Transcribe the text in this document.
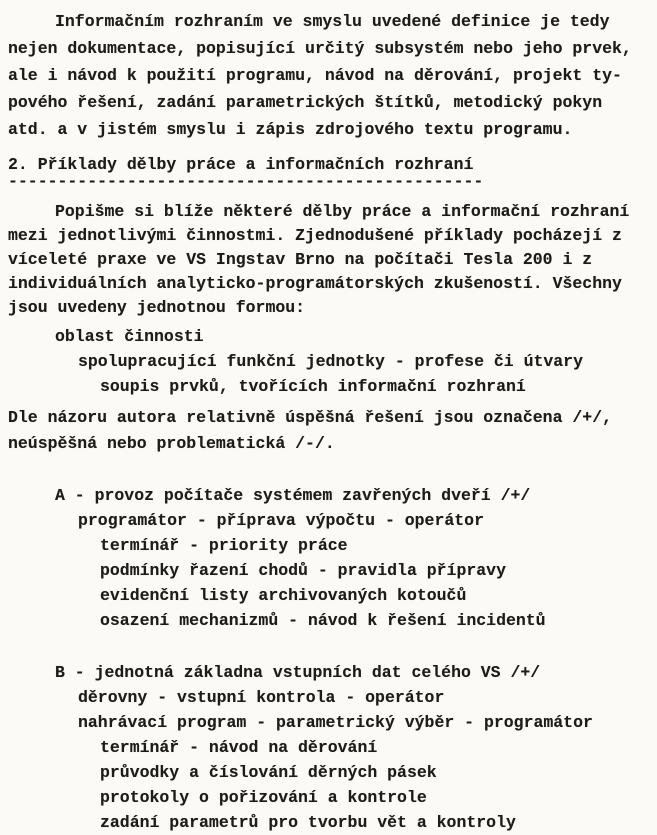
Informačním rozhraním ve smyslu uvedené definice je tedy
nejen dokumentace, popisující určitý subsystém nebo jeho prvek,
ale i návod k použití programu, návod na děrování, projekt ty-
pového řešení, zadání parametrických štítků, metodický pokyn
atd. a v jistém smyslu i zápis zdrojového textu programu.
2. Příklady dělby práce a informačních rozhraní
------------------------------------------------
Popišme si blíže některé dělby práce a informační rozhraní
mezi jednotlivými činnostmi. Zjednodušené příklady pocházejí z
víceleté praxe ve VS Ingstav Brno na počítači Tesla 200 i z
individuálních analyticko-programátorských zkušeností. Všechny
jsou uvedeny jednotnou formou:
oblast činnosti
spolupracující funkční jednotky - profese či útvary
soupis prvků, tvořících informační rozhraní
Dle názoru autora relativně úspěšná řešení jsou označena /+/,
neúspěšná nebo problematická /-/.
A - provoz počítače systémem zavřených dveří /+/
programátor - příprava výpočtu - operátor
termínář - priority práce
podmínky řazení chodů - pravidla přípravy
evidenční listy archivovaných kotoučů
osazení mechanizmů - návod k řešení incidentů
B - jednotná základna vstupních dat celého VS /+/
děrovny - vstupní kontrola - operátor
nahrávací program - parametrický výběr - programátor
termínář - návod na děrování
průvodky a číslování děrných pásek
protokoly o pořizování a kontrole
zadání parametrů pro tvorbu vět a kontroly
